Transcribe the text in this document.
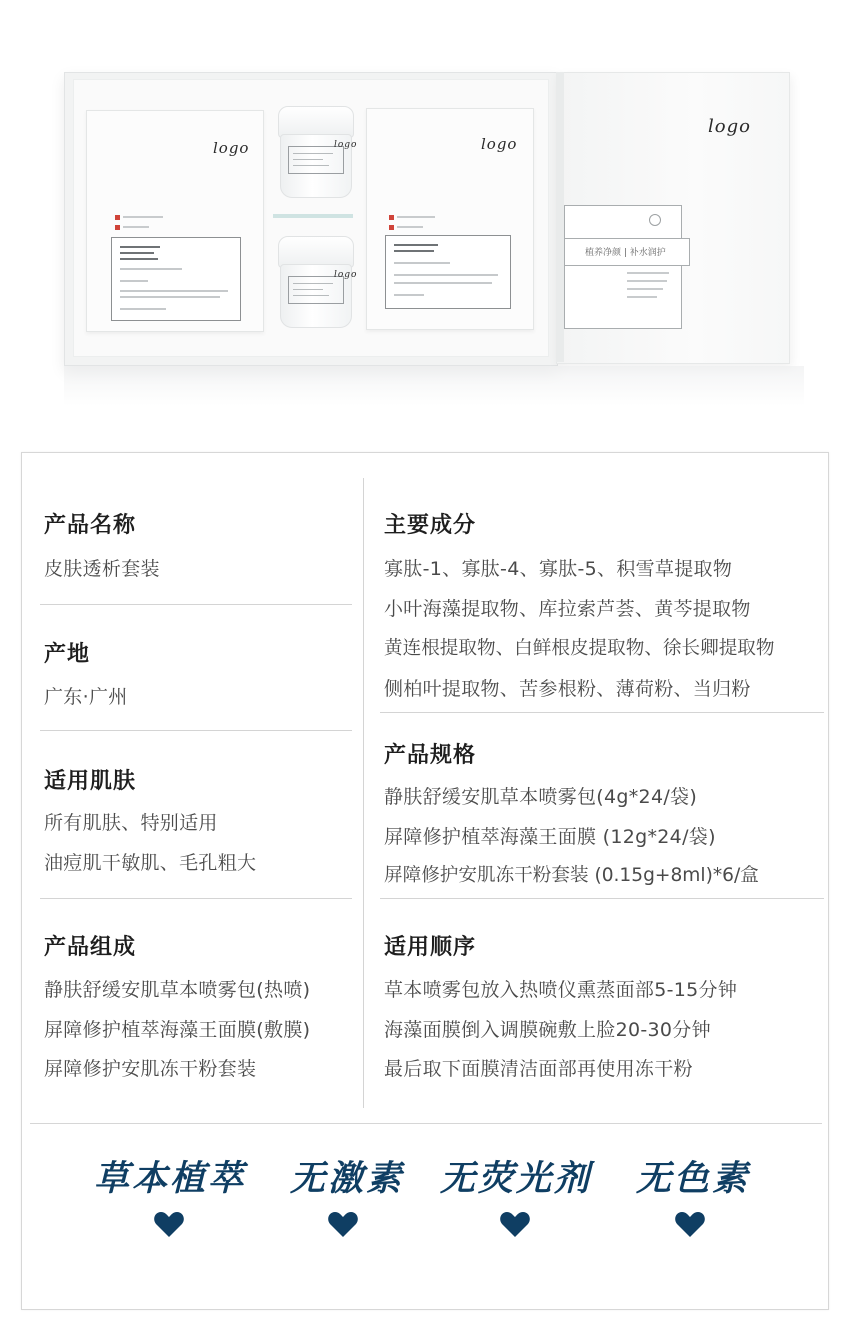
logo	logo
logo
logo
logo
植养净颜 | 补水润护
产品名称
皮肤透析套装
产地
广东·广州
适用肌肤
所有肌肤、特别适用
油痘肌干敏肌、毛孔粗大
产品组成
静肤舒缓安肌草本喷雾包(热喷)
屏障修护植萃海藻王面膜(敷膜)
屏障修护安肌冻干粉套装
主要成分
寡肽-1、寡肽-4、寡肽-5、积雪草提取物
小叶海藻提取物、库拉索芦荟、黄芩提取物
黄连根提取物、白鲜根皮提取物、徐长卿提取物
侧柏叶提取物、苦参根粉、薄荷粉、当归粉
产品规格
静肤舒缓安肌草本喷雾包(4g*24/袋)
屏障修护植萃海藻王面膜 (12g*24/袋)
屏障修护安肌冻干粉套装 (0.15g+8ml)*6/盒
适用顺序
草本喷雾包放入热喷仪熏蒸面部5-15分钟
海藻面膜倒入调膜碗敷上脸20-30分钟
最后取下面膜清洁面部再使用冻干粉
草本植萃 无激素 无荧光剂 无色素
